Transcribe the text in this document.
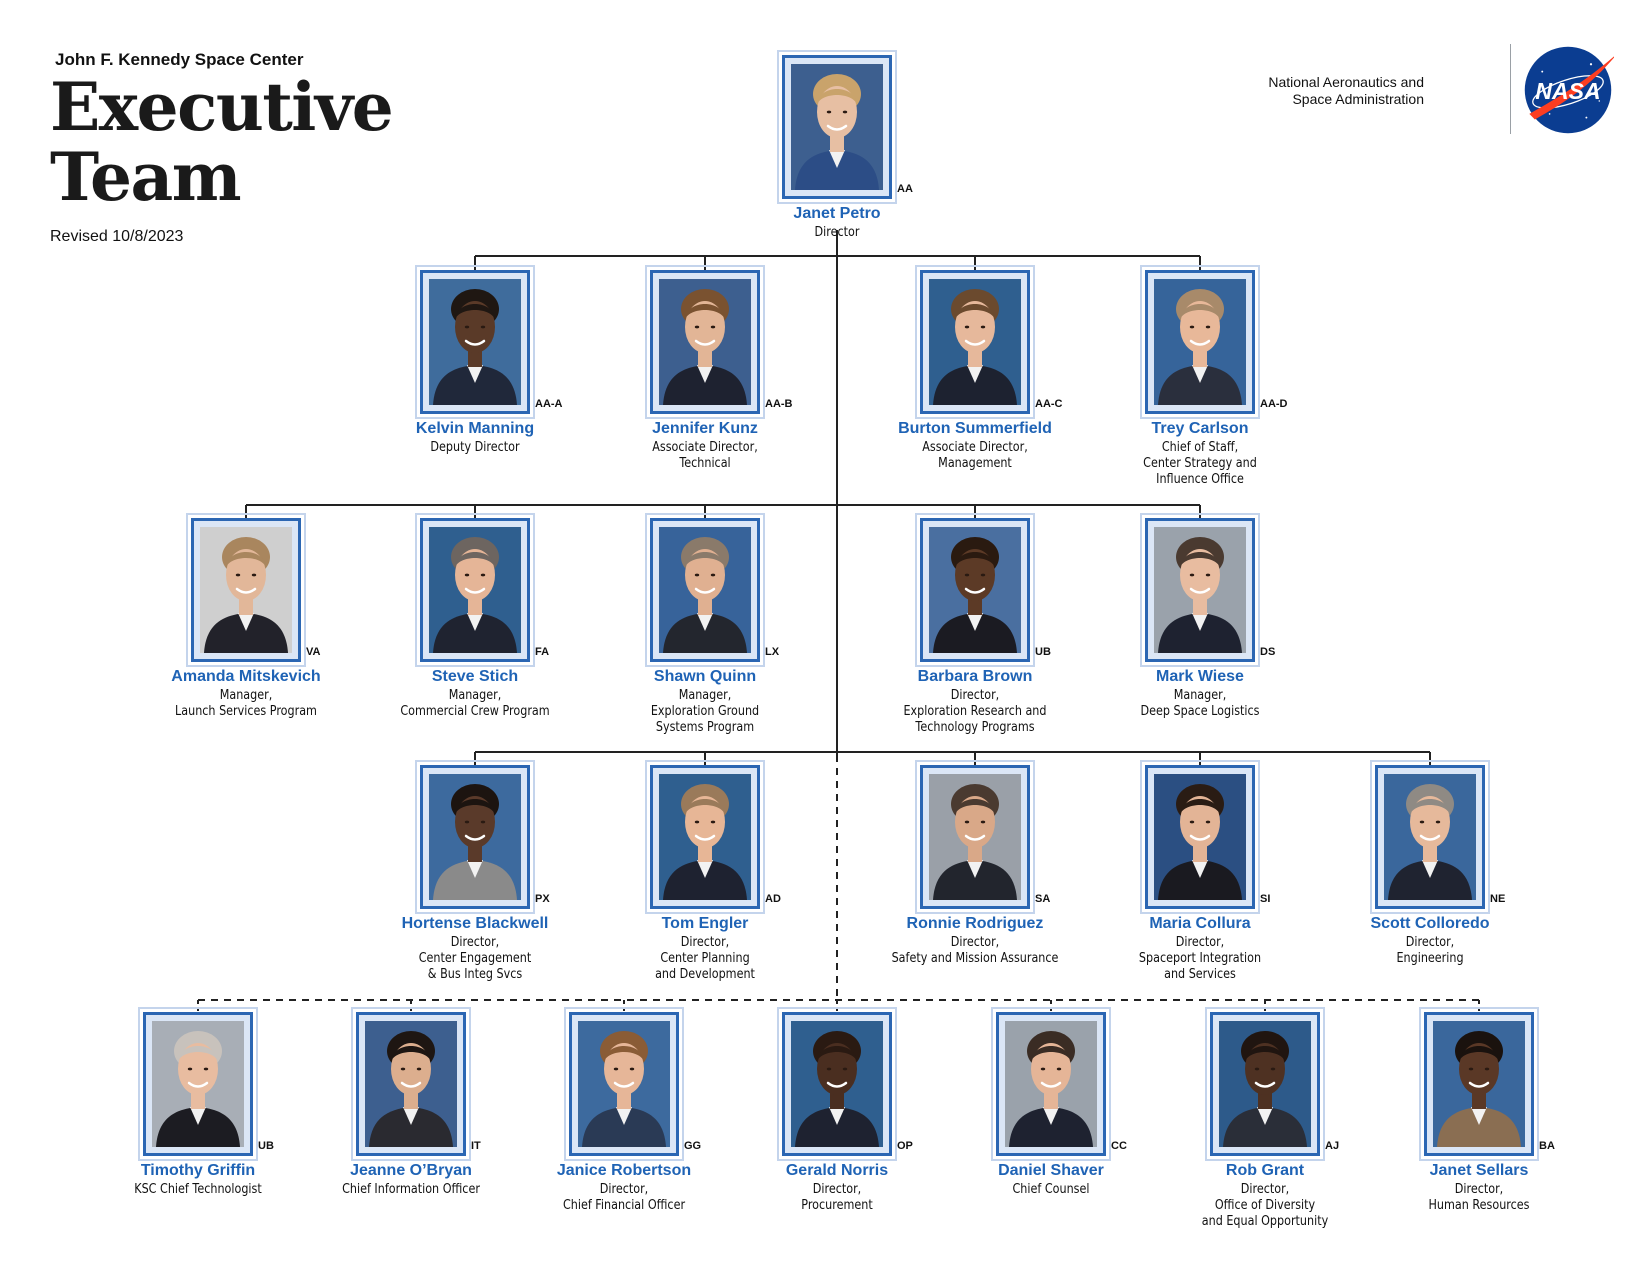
John F. Kennedy Space Center
Executive
Team
Revised 10/8/2023
National Aeronautics and
Space Administration	NASA
AA
Janet Petro
Director
AA-A
Kelvin Manning
Deputy Director
AA-B
Jennifer Kunz
Associate Director,
Technical
AA-C
Burton Summerfield
Associate Director,
Management
AA-D
Trey Carlson
Chief of Staff,
Center Strategy and
Influence Office
VA
Amanda Mitskevich
Manager,
Launch Services Program
FA
Steve Stich
Manager,
Commercial Crew Program
LX
Shawn Quinn
Manager,
Exploration Ground
Systems Program
UB
Barbara Brown
Director,
Exploration Research and
Technology Programs
DS
Mark Wiese
Manager,
Deep Space Logistics
PX
Hortense Blackwell
Director,
Center Engagement
& Bus Integ Svcs
AD
Tom Engler
Director,
Center Planning
and Development
SA
Ronnie Rodriguez
Director,
Safety and Mission Assurance
SI
Maria Collura
Director,
Spaceport Integration
and Services
NE
Scott Colloredo
Director,
Engineering
UB
Timothy Griffin
KSC Chief Technologist
IT
Jeanne O’Bryan
Chief Information Officer
GG
Janice Robertson
Director,
Chief Financial Officer
OP
Gerald Norris
Director,
Procurement
CC
Daniel Shaver
Chief Counsel
AJ
Rob Grant
Director,
Office of Diversity
and Equal Opportunity
BA
Janet Sellars
Director,
Human Resources
